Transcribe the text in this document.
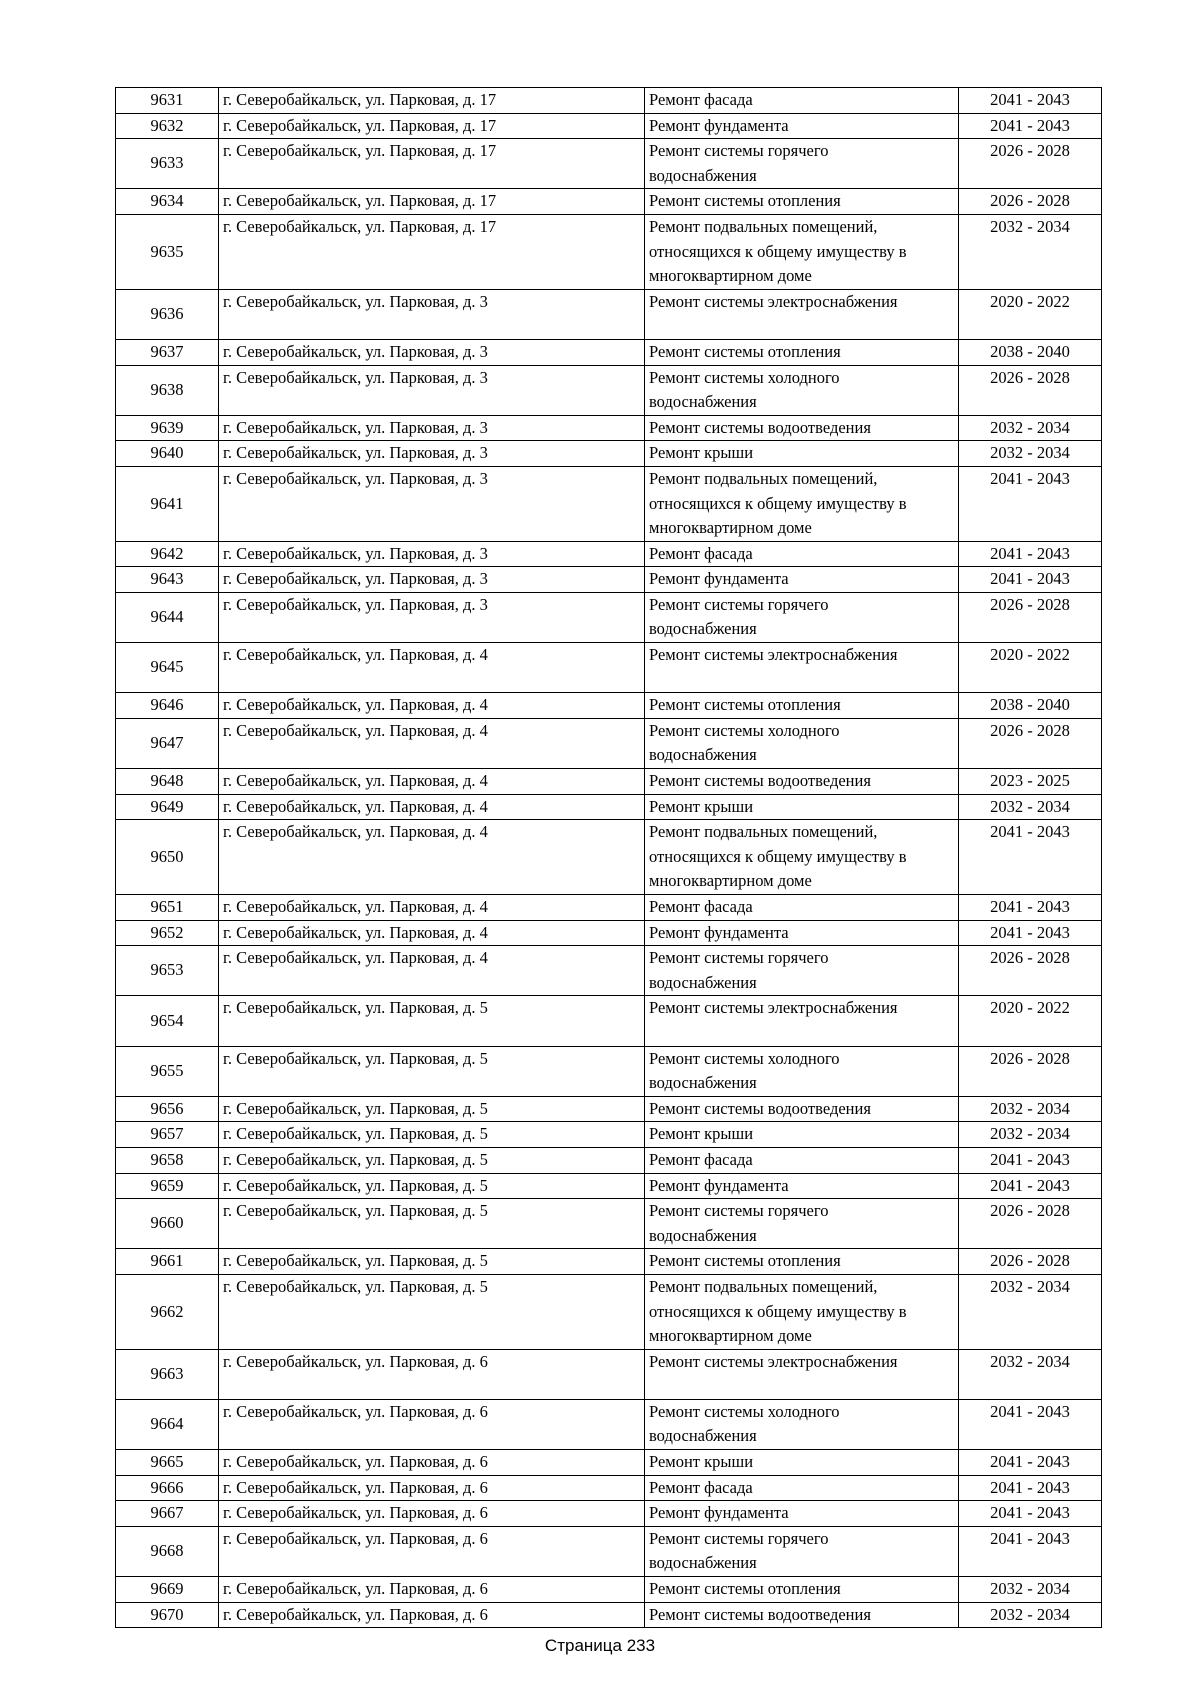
9631	г. Северобайкальск, ул. Парковая, д. 17	Ремонт фасада	2041 - 2043
9632	г. Северобайкальск, ул. Парковая, д. 17	Ремонт фундамента	2041 - 2043
9633	г. Северобайкальск, ул. Парковая, д. 17	Ремонт системы горячего
водоснабжения	2026 - 2028
9634	г. Северобайкальск, ул. Парковая, д. 17	Ремонт системы отопления	2026 - 2028
9635	г. Северобайкальск, ул. Парковая, д. 17	Ремонт подвальных помещений,
относящихся к общему имуществу в
многоквартирном доме	2032 - 2034
9636	г. Северобайкальск, ул. Парковая, д. 3	Ремонт системы электроснабжения	2020 - 2022
9637	г. Северобайкальск, ул. Парковая, д. 3	Ремонт системы отопления	2038 - 2040
9638	г. Северобайкальск, ул. Парковая, д. 3	Ремонт системы холодного
водоснабжения	2026 - 2028
9639	г. Северобайкальск, ул. Парковая, д. 3	Ремонт системы водоотведения	2032 - 2034
9640	г. Северобайкальск, ул. Парковая, д. 3	Ремонт крыши	2032 - 2034
9641	г. Северобайкальск, ул. Парковая, д. 3	Ремонт подвальных помещений,
относящихся к общему имуществу в
многоквартирном доме	2041 - 2043
9642	г. Северобайкальск, ул. Парковая, д. 3	Ремонт фасада	2041 - 2043
9643	г. Северобайкальск, ул. Парковая, д. 3	Ремонт фундамента	2041 - 2043
9644	г. Северобайкальск, ул. Парковая, д. 3	Ремонт системы горячего
водоснабжения	2026 - 2028
9645	г. Северобайкальск, ул. Парковая, д. 4	Ремонт системы электроснабжения	2020 - 2022
9646	г. Северобайкальск, ул. Парковая, д. 4	Ремонт системы отопления	2038 - 2040
9647	г. Северобайкальск, ул. Парковая, д. 4	Ремонт системы холодного
водоснабжения	2026 - 2028
9648	г. Северобайкальск, ул. Парковая, д. 4	Ремонт системы водоотведения	2023 - 2025
9649	г. Северобайкальск, ул. Парковая, д. 4	Ремонт крыши	2032 - 2034
9650	г. Северобайкальск, ул. Парковая, д. 4	Ремонт подвальных помещений,
относящихся к общему имуществу в
многоквартирном доме	2041 - 2043
9651	г. Северобайкальск, ул. Парковая, д. 4	Ремонт фасада	2041 - 2043
9652	г. Северобайкальск, ул. Парковая, д. 4	Ремонт фундамента	2041 - 2043
9653	г. Северобайкальск, ул. Парковая, д. 4	Ремонт системы горячего
водоснабжения	2026 - 2028
9654	г. Северобайкальск, ул. Парковая, д. 5	Ремонт системы электроснабжения	2020 - 2022
9655	г. Северобайкальск, ул. Парковая, д. 5	Ремонт системы холодного
водоснабжения	2026 - 2028
9656	г. Северобайкальск, ул. Парковая, д. 5	Ремонт системы водоотведения	2032 - 2034
9657	г. Северобайкальск, ул. Парковая, д. 5	Ремонт крыши	2032 - 2034
9658	г. Северобайкальск, ул. Парковая, д. 5	Ремонт фасада	2041 - 2043
9659	г. Северобайкальск, ул. Парковая, д. 5	Ремонт фундамента	2041 - 2043
9660	г. Северобайкальск, ул. Парковая, д. 5	Ремонт системы горячего
водоснабжения	2026 - 2028
9661	г. Северобайкальск, ул. Парковая, д. 5	Ремонт системы отопления	2026 - 2028
9662	г. Северобайкальск, ул. Парковая, д. 5	Ремонт подвальных помещений,
относящихся к общему имуществу в
многоквартирном доме	2032 - 2034
9663	г. Северобайкальск, ул. Парковая, д. 6	Ремонт системы электроснабжения	2032 - 2034
9664	г. Северобайкальск, ул. Парковая, д. 6	Ремонт системы холодного
водоснабжения	2041 - 2043
9665	г. Северобайкальск, ул. Парковая, д. 6	Ремонт крыши	2041 - 2043
9666	г. Северобайкальск, ул. Парковая, д. 6	Ремонт фасада	2041 - 2043
9667	г. Северобайкальск, ул. Парковая, д. 6	Ремонт фундамента	2041 - 2043
9668	г. Северобайкальск, ул. Парковая, д. 6	Ремонт системы горячего
водоснабжения	2041 - 2043
9669	г. Северобайкальск, ул. Парковая, д. 6	Ремонт системы отопления	2032 - 2034
9670	г. Северобайкальск, ул. Парковая, д. 6	Ремонт системы водоотведения	2032 - 2034
Страница 233
